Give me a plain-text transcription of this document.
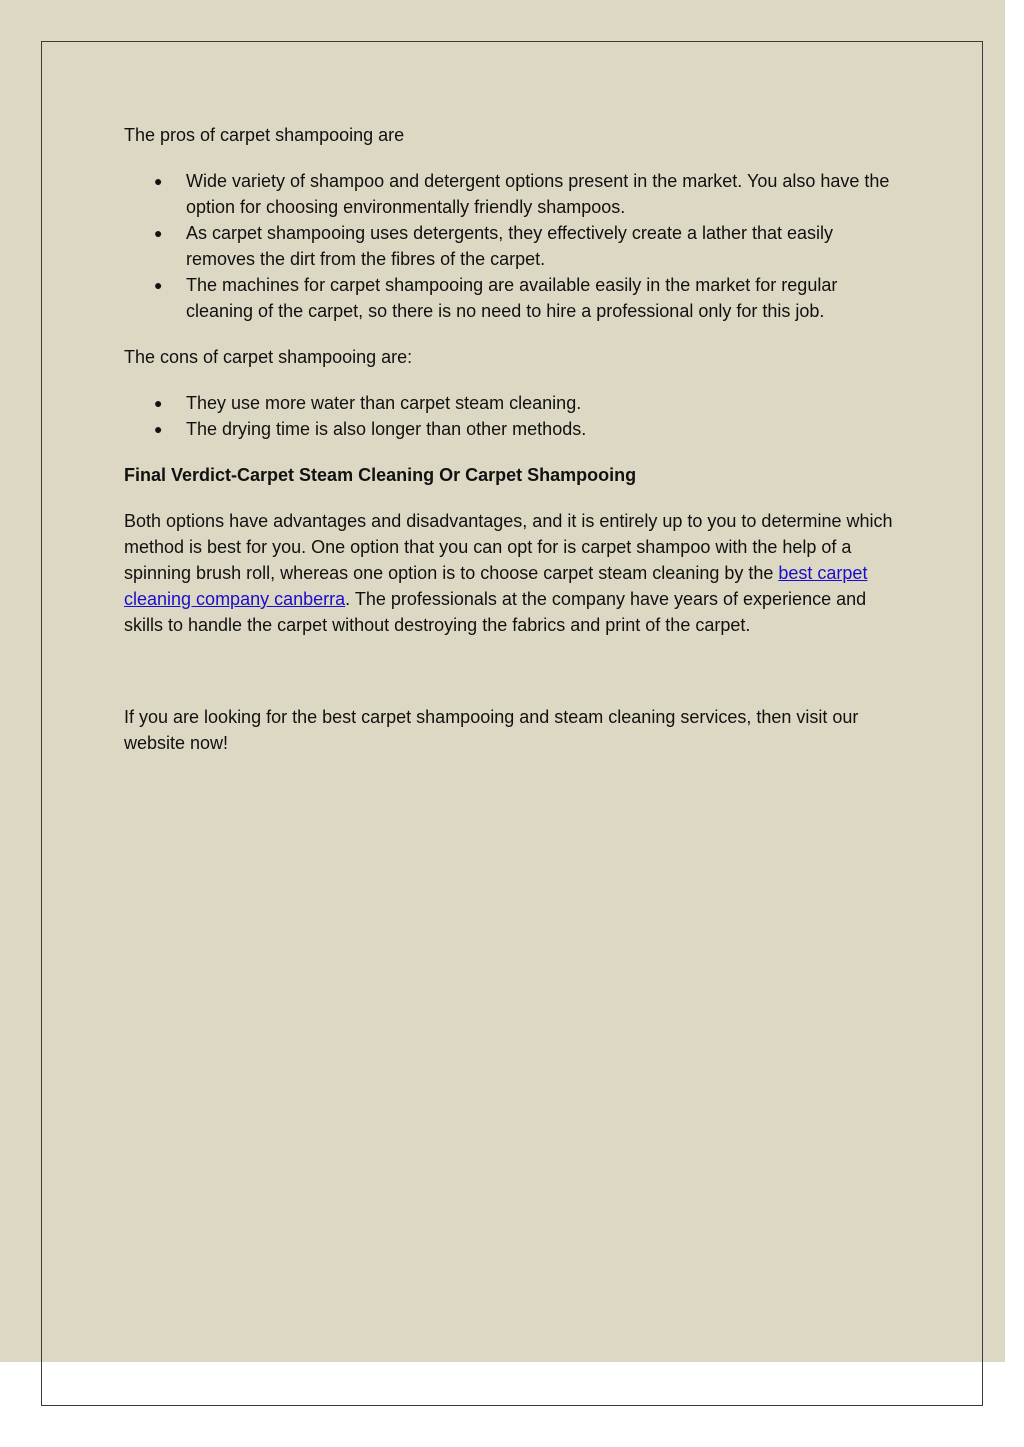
The pros of carpet shampooing are

● Wide variety of shampoo and detergent options present in the market. You also have the option for choosing environmentally friendly shampoos.
● As carpet shampooing uses detergents, they effectively create a lather that easily removes the dirt from the fibres of the carpet.
● The machines for carpet shampooing are available easily in the market for regular cleaning of the carpet, so there is no need to hire a professional only for this job.

The cons of carpet shampooing are:

● They use more water than carpet steam cleaning.
● The drying time is also longer than other methods.

Final Verdict-Carpet Steam Cleaning Or Carpet Shampooing

Both options have advantages and disadvantages, and it is entirely up to you to determine which method is best for you. One option that you can opt for is carpet shampoo with the help of a spinning brush roll, whereas one option is to choose carpet steam cleaning by the best carpet cleaning company canberra. The professionals at the company have years of experience and skills to handle the carpet without destroying the fabrics and print of the carpet.

If you are looking for the best carpet shampooing and steam cleaning services, then visit our website now!
